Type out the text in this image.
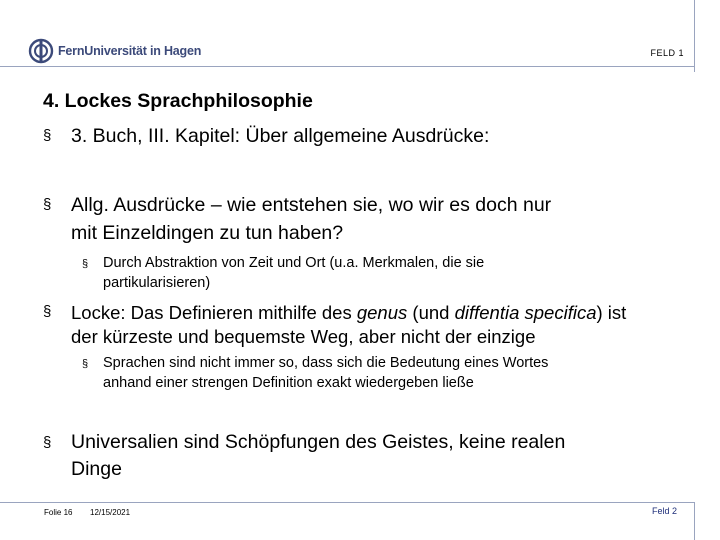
FernUniversität in Hagen	FELD 1
4. Lockes Sprachphilosophie
§ 3. Buch, III. Kapitel: Über allgemeine Ausdrücke:
§ Allg. Ausdrücke – wie entstehen sie, wo wir es doch nur
mit Einzeldingen zu tun haben?
§ Durch Abstraktion von Zeit und Ort (u.a. Merkmalen, die sie
partikularisieren)
§ Locke: Das Definieren mithilfe des genus (und diffentia specifica) ist
der kürzeste und bequemste Weg, aber nicht der einzige
§ Sprachen sind nicht immer so, dass sich die Bedeutung eines Wortes
anhand einer strengen Definition exakt wiedergeben ließe
§ Universalien sind Schöpfungen des Geistes, keine realen
Dinge
Folie 16 12/15/2021	Feld 2
